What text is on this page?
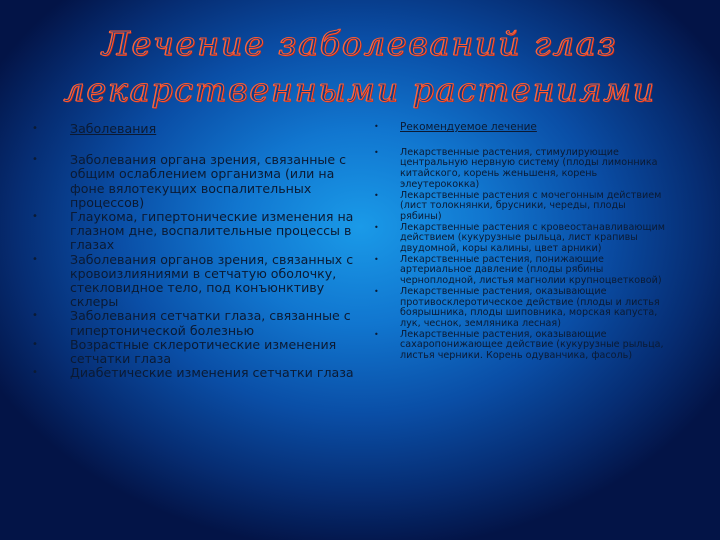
Лечение заболеваний глаз
лекарственными растениями
•	Заболевания
•	Заболевания органа зрения, связанные с общим ослаблением организма (или на фоне вялотекущих воспалительных процессов)
•	Глаукома, гипертонические изменения на глазном дне, воспалительные процессы в глазах
•	Заболевания органов зрения, связанных с кровоизлияниями в сетчатую оболочку, стекловидное тело, под конъюнктиву склеры
•	Заболевания сетчатки глаза, связанные с гипертонической болезнью
•	Возрастные склеротические изменения сетчатки глаза
•	Диабетические изменения сетчатки глаза
• Рекомендуемое лечение
• Лекарственные растения, стимулирующие центральную нервную систему (плоды лимонника китайского, корень женьшеня, корень элеутерококка)
• Лекарственные растения с мочегонным действием (лист толокнянки, брусники, череды, плоды рябины)
• Лекарственные растения с кровеостанавливающим действием (кукурузные рыльца, лист крапивы двудомной, коры калины, цвет арники)
• Лекарственные растения, понижающие артериальное давление (плоды рябины черноплодной, листья магнолии крупноцветковой)
• Лекарственные растения, оказывающие противосклеротическое действие (плоды и листья боярышника, плоды шиповника, морская капуста, лук, чеснок, земляника лесная)
• Лекарственные растения, оказывающие сахаропонижающее действие (кукурузные рыльца, листья черники. Корень одуванчика, фасоль)
